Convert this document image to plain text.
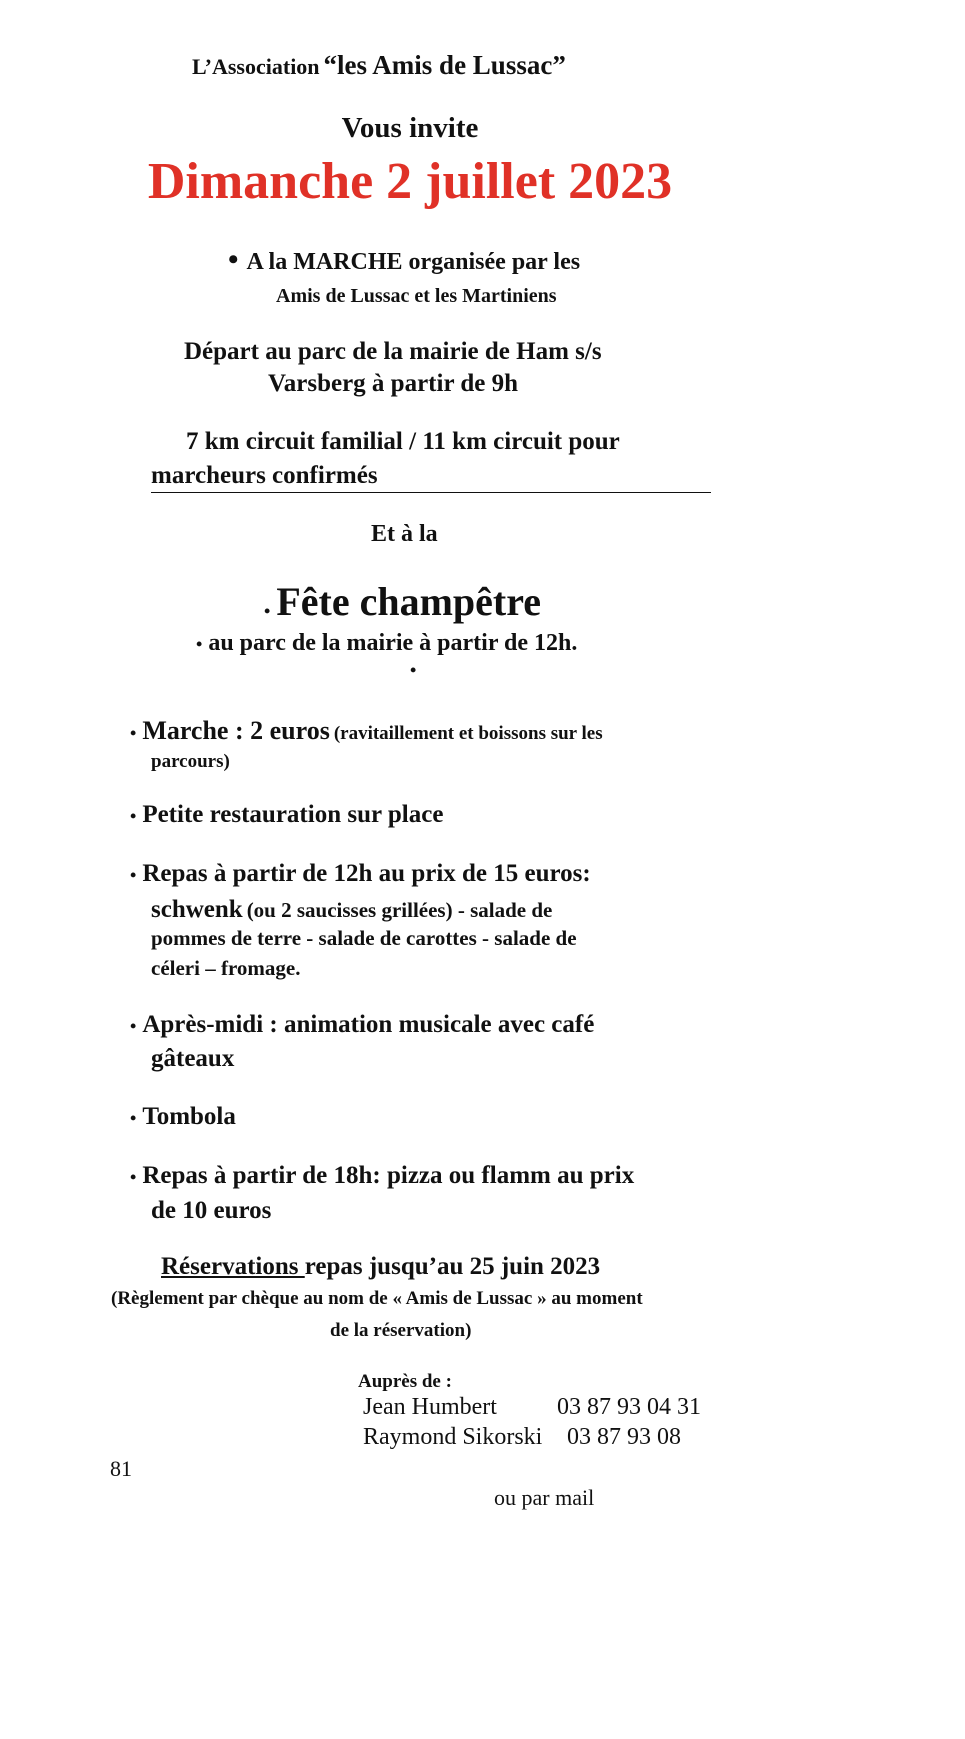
L’Association “les Amis de Lussac”
Vous invite
Dimanche 2 juillet 2023
• A la MARCHE organisée par les
Amis de Lussac et les Martiniens
Départ au parc de la mairie de Ham s/s
Varsberg à partir de 9h
7 km circuit familial / 11 km circuit pour
marcheurs confirmés
Et à la
• Fête champêtre
• au parc de la mairie à partir de 12h.
•
• Marche : 2 euros (ravitaillement et boissons sur les
parcours)
• Petite restauration sur place
• Repas à partir de 12h au prix de 15 euros:
schwenk (ou 2 saucisses grillées) - salade de
pommes de terre - salade de carottes - salade de
céleri – fromage.
• Après-midi : animation musicale avec café
gâteaux
• Tombola
• Repas à partir de 18h: pizza ou flamm au prix
de 10 euros
Réservations repas jusqu’au 25 juin 2023
(Règlement par chèque au nom de « Amis de Lussac » au moment
de la réservation)
Auprès de :
Jean Humbert	03 87 93 04 31
Raymond Sikorski 03 87 93 08
81
ou par mail
